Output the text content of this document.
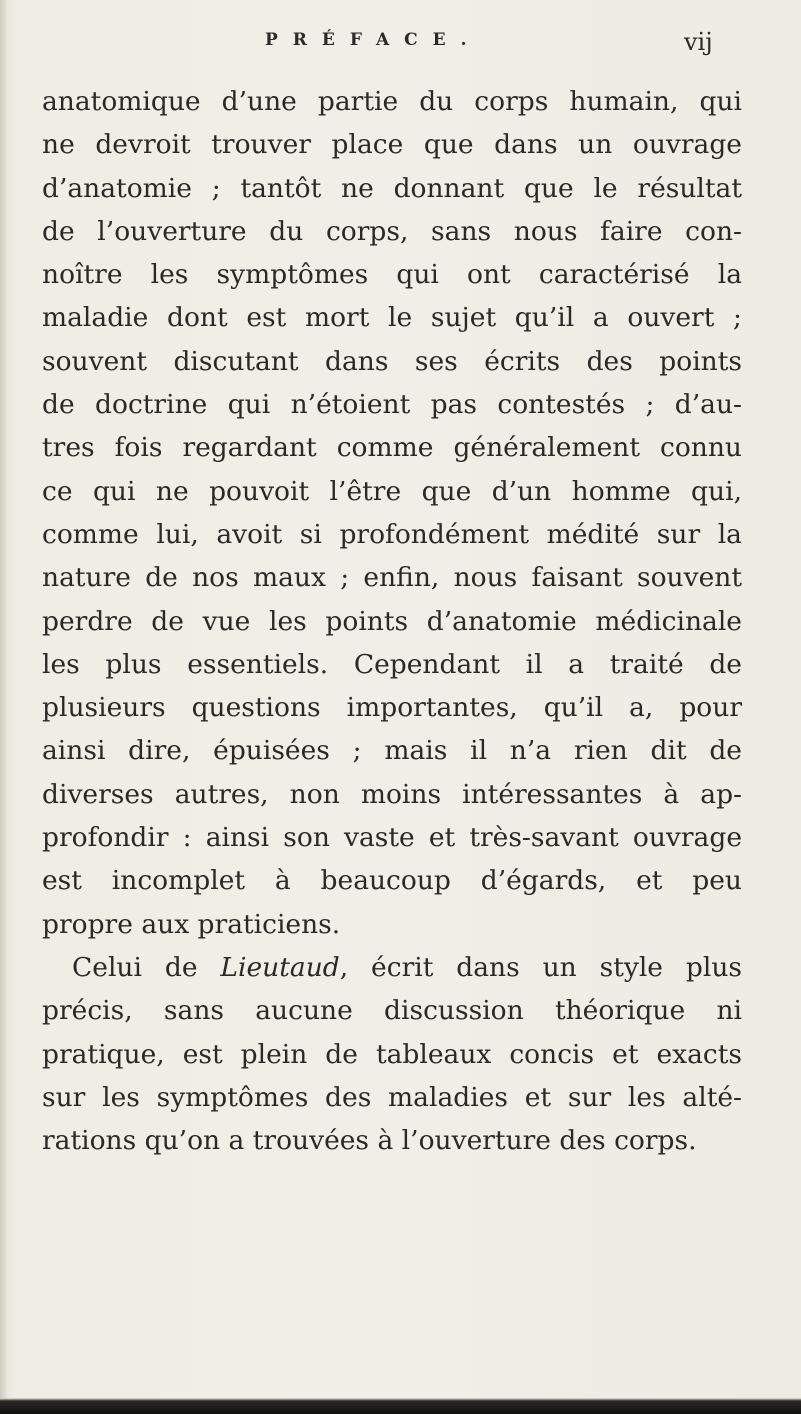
PRÉFACE.	vij
anatomique d’une partie du corps humain, qui
ne devroit trouver place que dans un ouvrage
d’anatomie ; tantôt ne donnant que le résultat
de l’ouverture du corps, sans nous faire con-
noître les symptômes qui ont caractérisé la
maladie dont est mort le sujet qu’il a ouvert ;
souvent discutant dans ses écrits des points
de doctrine qui n’étoient pas contestés ; d’au-
tres fois regardant comme généralement connu
ce qui ne pouvoit l’être que d’un homme qui,
comme lui, avoit si profondément médité sur la
nature de nos maux ; enfin, nous faisant souvent
perdre de vue les points d’anatomie médicinale
les plus essentiels. Cependant il a traité de
plusieurs questions importantes, qu’il a, pour
ainsi dire, épuisées ; mais il n’a rien dit de
diverses autres, non moins intéressantes à ap-
profondir : ainsi son vaste et très-savant ouvrage
est incomplet à beaucoup d’égards, et peu
propre aux praticiens.
Celui de Lieutaud, écrit dans un style plus
précis, sans aucune discussion théorique ni
pratique, est plein de tableaux concis et exacts
sur les symptômes des maladies et sur les alté-
rations qu’on a trouvées à l’ouverture des corps.
